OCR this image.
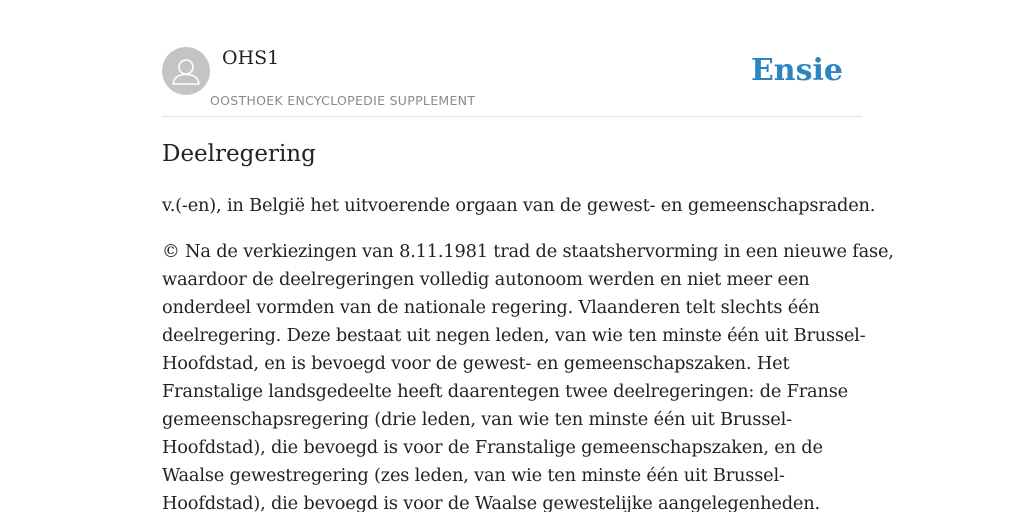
OHS1
OOSTHOEK ENCYCLOPEDIE SUPPLEMENT
Ensie
Deelregering

v.(-en), in België het uitvoerende orgaan van de gewest- en gemeenschapsraden.

© Na de verkiezingen van 8.11.1981 trad de staatshervorming in een nieuwe fase,
waardoor de deelregeringen volledig autonoom werden en niet meer een
onderdeel vormden van de nationale regering. Vlaanderen telt slechts één
deelregering. Deze bestaat uit negen leden, van wie ten minste één uit Brussel-
Hoofdstad, en is bevoegd voor de gewest- en gemeenschapszaken. Het
Franstalige landsgedeelte heeft daarentegen twee deelregeringen: de Franse
gemeenschapsregering (drie leden, van wie ten minste één uit Brussel-
Hoofdstad), die bevoegd is voor de Franstalige gemeenschapszaken, en de
Waalse gewestregering (zes leden, van wie ten minste één uit Brussel-
Hoofdstad), die bevoegd is voor de Waalse gewestelijke aangelegenheden.
